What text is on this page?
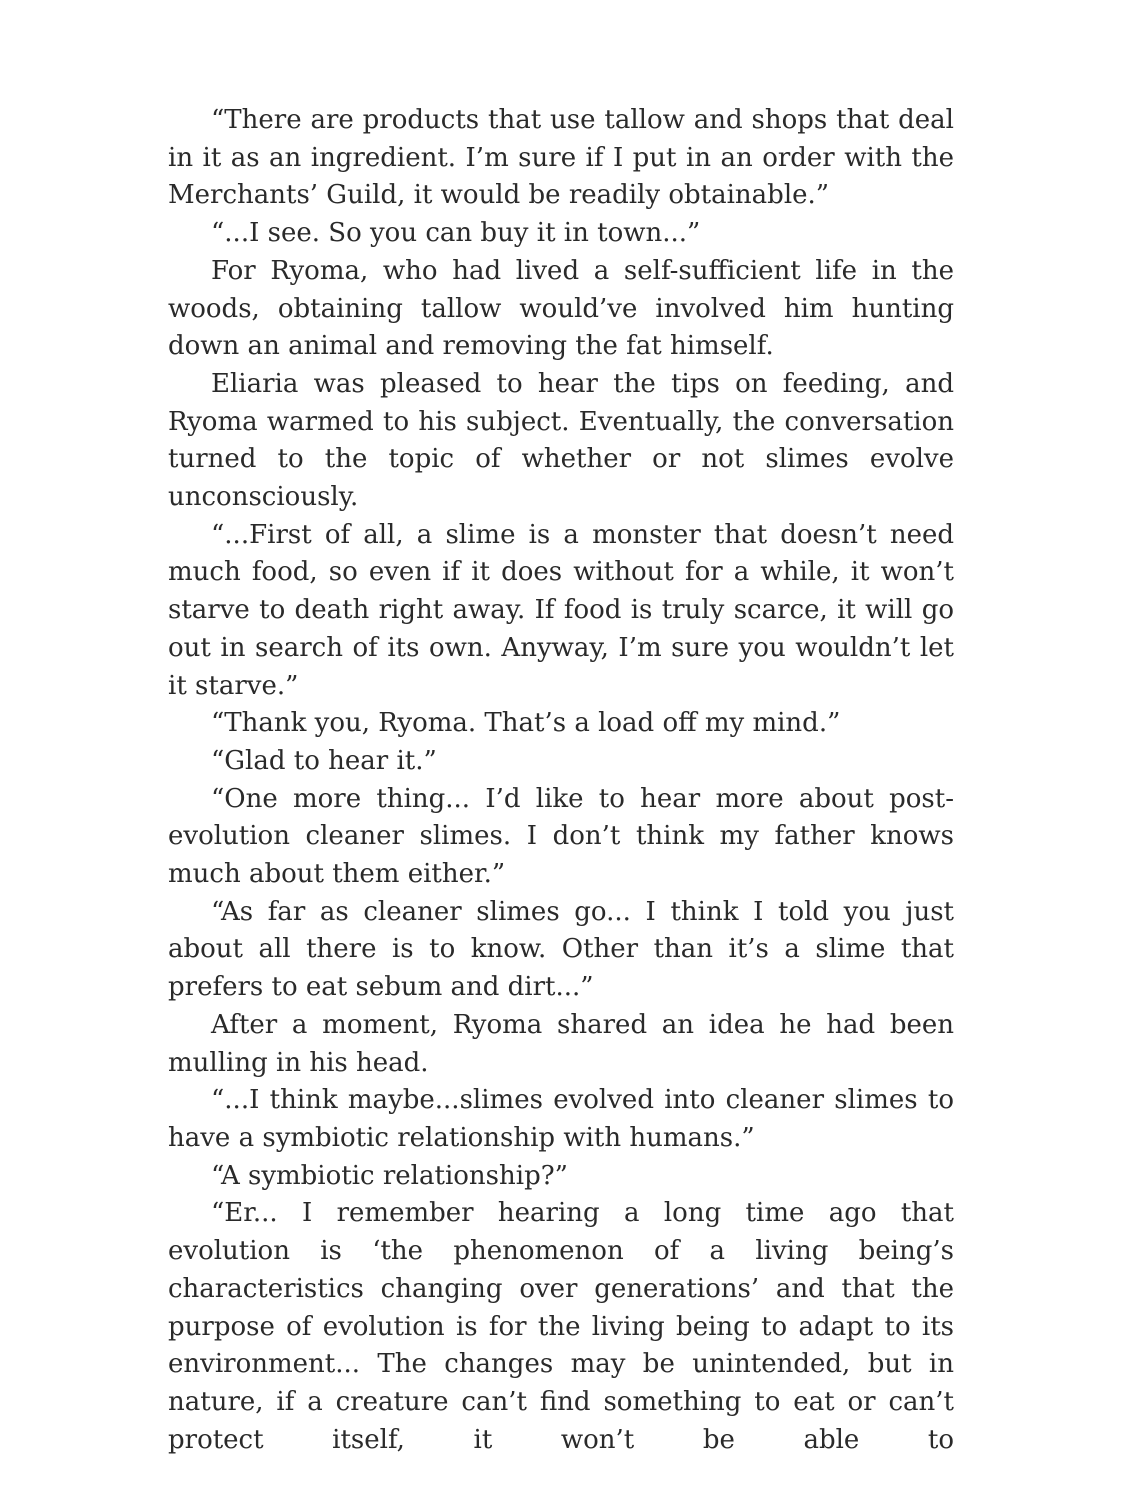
“There are products that use tallow and shops that deal in it as an ingredient. I’m sure if I put in an order with the Merchants’ Guild, it would be readily obtainable.”

“...I see. So you can buy it in town...”

For Ryoma, who had lived a self-sufficient life in the woods, obtaining tallow would’ve involved him hunting down an animal and removing the fat himself.

Eliaria was pleased to hear the tips on feeding, and Ryoma warmed to his subject. Eventually, the conversation turned to the topic of whether or not slimes evolve unconsciously.

“...First of all, a slime is a monster that doesn’t need much food, so even if it does without for a while, it won’t starve to death right away. If food is truly scarce, it will go out in search of its own. Anyway, I’m sure you wouldn’t let it starve.”

“Thank you, Ryoma. That’s a load off my mind.”

“Glad to hear it.”

“One more thing... I’d like to hear more about post-evolution cleaner slimes. I don’t think my father knows much about them either.”

“As far as cleaner slimes go... I think I told you just about all there is to know. Other than it’s a slime that prefers to eat sebum and dirt...”

After a moment, Ryoma shared an idea he had been mulling in his head.

“...I think maybe...slimes evolved into cleaner slimes to have a symbiotic relationship with humans.”

“A symbiotic relationship?”

“Er... I remember hearing a long time ago that evolution is ‘the phenomenon of a living being’s characteristics changing over generations’ and that the purpose of evolution is for the living being to adapt to its environment... The changes may be unintended, but in nature, if a creature can’t find something to eat or can’t protect itself, it won’t be able to
